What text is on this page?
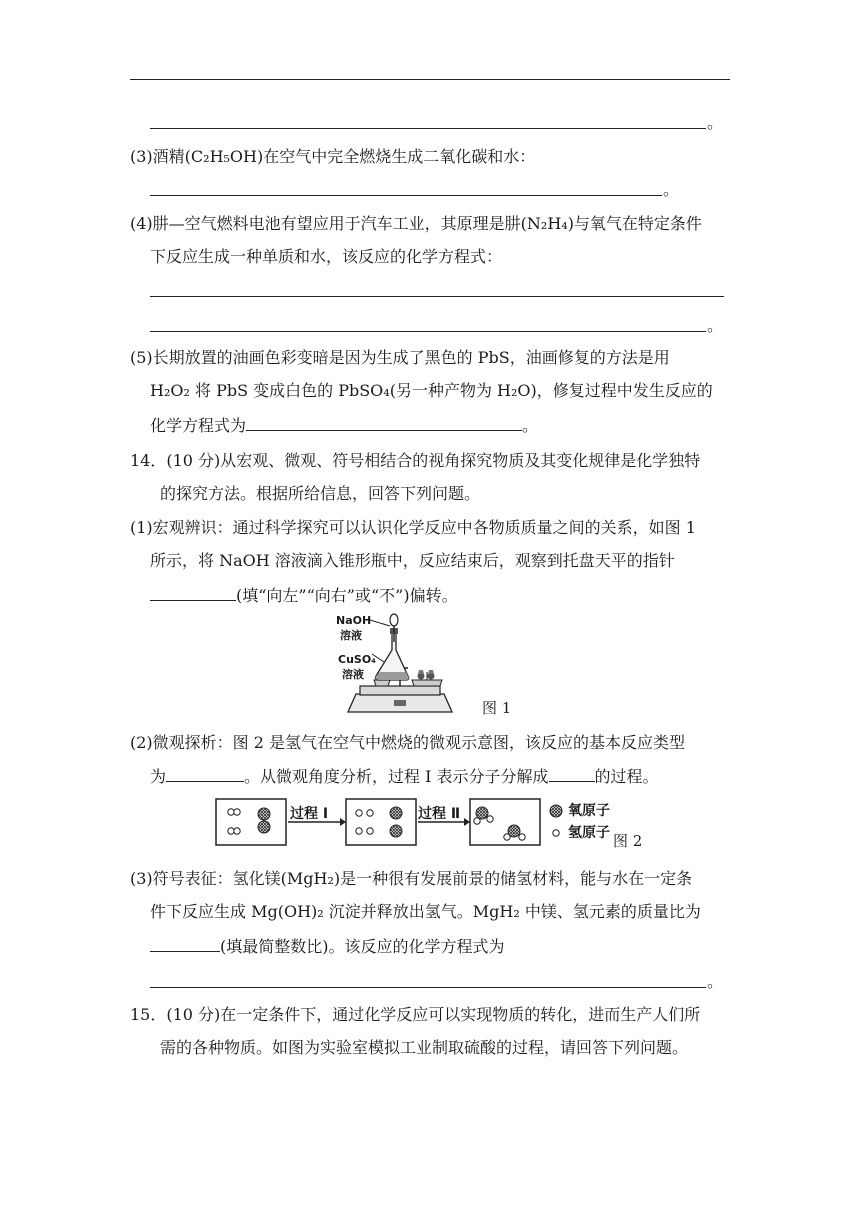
。
(3)酒精(C₂H₅OH)在空气中完全燃烧生成二氧化碳和水：
。
(4)肼—空气燃料电池有望应用于汽车工业，其原理是肼(N₂H₄)与氧气在特定条件
下反应生成一种单质和水，该反应的化学方程式：
。
(5)长期放置的油画色彩变暗是因为生成了黑色的 PbS，油画修复的方法是用
H₂O₂ 将 PbS 变成白色的 PbSO₄(另一种产物为 H₂O)，修复过程中发生反应的
化学方程式为	。
14．(10 分)从宏观、微观、符号相结合的视角探究物质及其变化规律是化学独特
的探究方法。根据所给信息，回答下列问题。
(1)宏观辨识：通过科学探究可以认识化学反应中各物质质量之间的关系，如图 1
所示，将 NaOH 溶液滴入锥形瓶中，反应结束后，观察到托盘天平的指针
(填“向左”“向右”或“不”)偏转。
NaOH
溶液
CuSO₄
溶液
图 1
(2)微观探析：图 2 是氢气在空气中燃烧的微观示意图，该反应的基本反应类型
为	。从微观角度分析，过程 Ⅰ 表示分子分解成	的过程。
过程 Ⅰ	过程 Ⅱ	氧原子
氢原子 图 2
(3)符号表征：氢化镁(MgH₂)是一种很有发展前景的储氢材料，能与水在一定条
件下反应生成 Mg(OH)₂ 沉淀并释放出氢气。MgH₂ 中镁、氢元素的质量比为
(填最简整数比)。该反应的化学方程式为
。
15．(10 分)在一定条件下，通过化学反应可以实现物质的转化，进而生产人们所
需的各种物质。如图为实验室模拟工业制取硫酸的过程，请回答下列问题。
